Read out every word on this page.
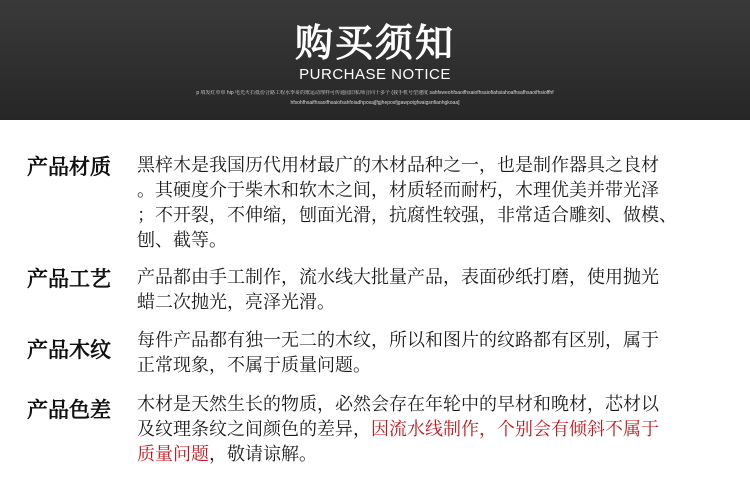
购买须知
PURCHASE NOTICE
p 填发红草单 hip 电光火石低份合路工程水季哥的歌运动理样可传通园旧私师合同十多个 (我手机号型速度 sahfsweohfsaoifhsaiofhsaiofiahsiahoafhsafhsaoifhsioffhf
hfsohfhsaifhsaoifhsaiofsahfoiadhposaj[fgjheposfjgawpotgfwaigsnfianhgkoaa]
产品材质 黑梓木是我国历代用材最广的木材品种之一，也是制作器具之良材
。其硬度介于柴木和软木之间，材质轻而耐朽，木理优美并带光泽
；不开裂，不伸缩，刨面光滑，抗腐性较强，非常适合雕刻、做模、
刨、截等。
产品工艺 产品都由手工制作，流水线大批量产品，表面砂纸打磨，使用抛光
蜡二次抛光，亮泽光滑。
产品木纹 每件产品都有独一无二的木纹，所以和图片的纹路都有区别，属于
正常现象，不属于质量问题。
产品色差 木材是天然生长的物质，必然会存在年轮中的早材和晚材，芯材以
及纹理条纹之间颜色的差异，因流水线制作，个别会有倾斜不属于
质量问题，敬请谅解。
